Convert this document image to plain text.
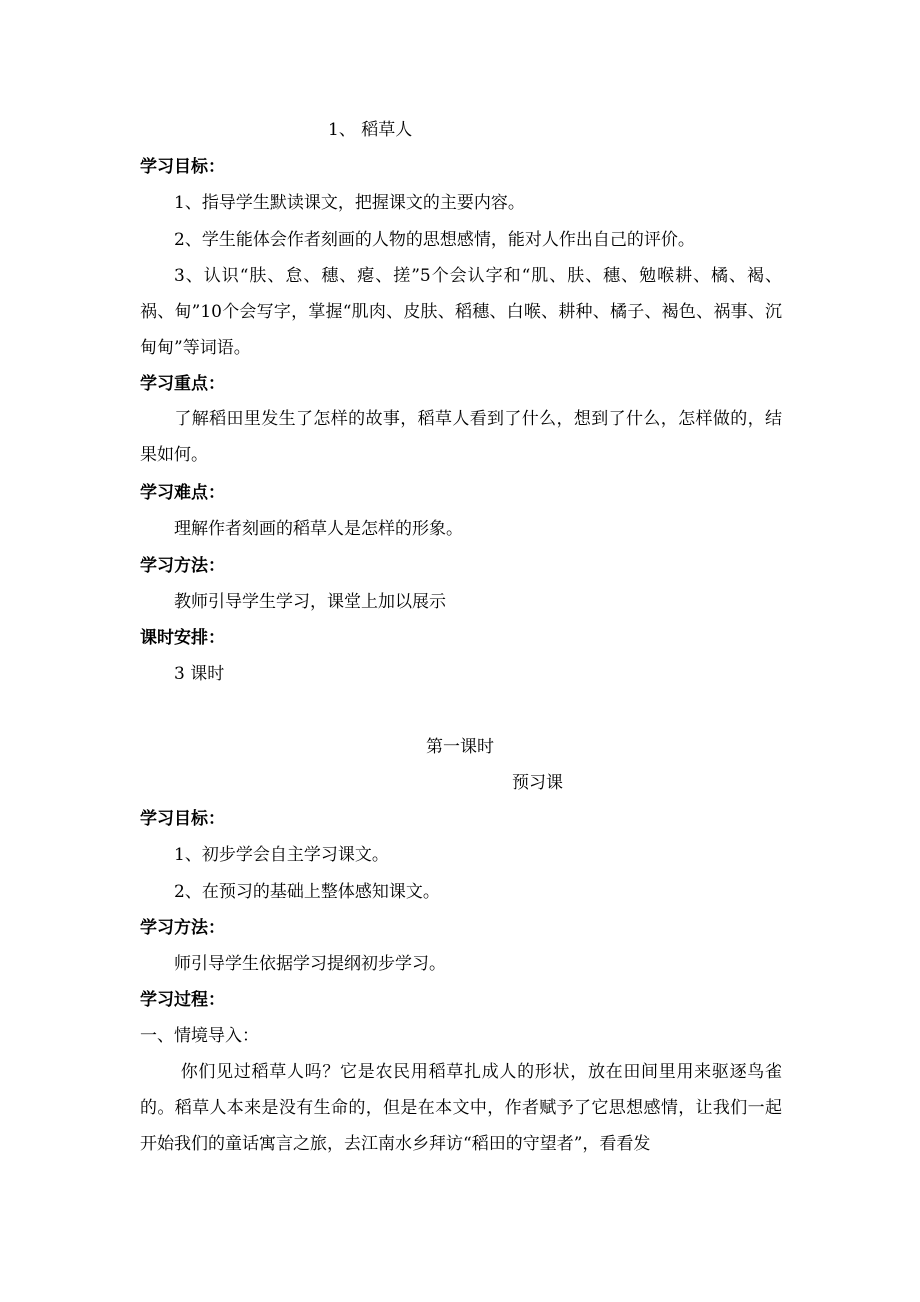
1、 稻草人
学习目标：
1、指导学生默读课文，把握课文的主要内容。
2、学生能体会作者刻画的人物的思想感情，能对人作出自己的评价。
3、认识“肤、怠、穗、瘪、搓”5个会认字和“肌、肤、穗、勉喉耕、橘、褐、祸、甸”10个会写字，掌握“肌肉、皮肤、稻穗、白喉、耕种、橘子、褐色、祸事、沉甸甸”等词语。
学习重点：
了解稻田里发生了怎样的故事，稻草人看到了什么，想到了什么，怎样做的，结果如何。
学习难点：
理解作者刻画的稻草人是怎样的形象。
学习方法：
教师引导学生学习，课堂上加以展示
课时安排：
3 课时
第一课时
预习课
学习目标：
1、初步学会自主学习课文。
2、在预习的基础上整体感知课文。
学习方法：
师引导学生依据学习提纲初步学习。
学习过程：
一、情境导入：
你们见过稻草人吗？它是农民用稻草扎成人的形状，放在田间里用来驱逐鸟雀的。稻草人本来是没有生命的，但是在本文中，作者赋予了它思想感情，让我们一起开始我们的童话寓言之旅，去江南水乡拜访“稻田的守望者”，看看发
